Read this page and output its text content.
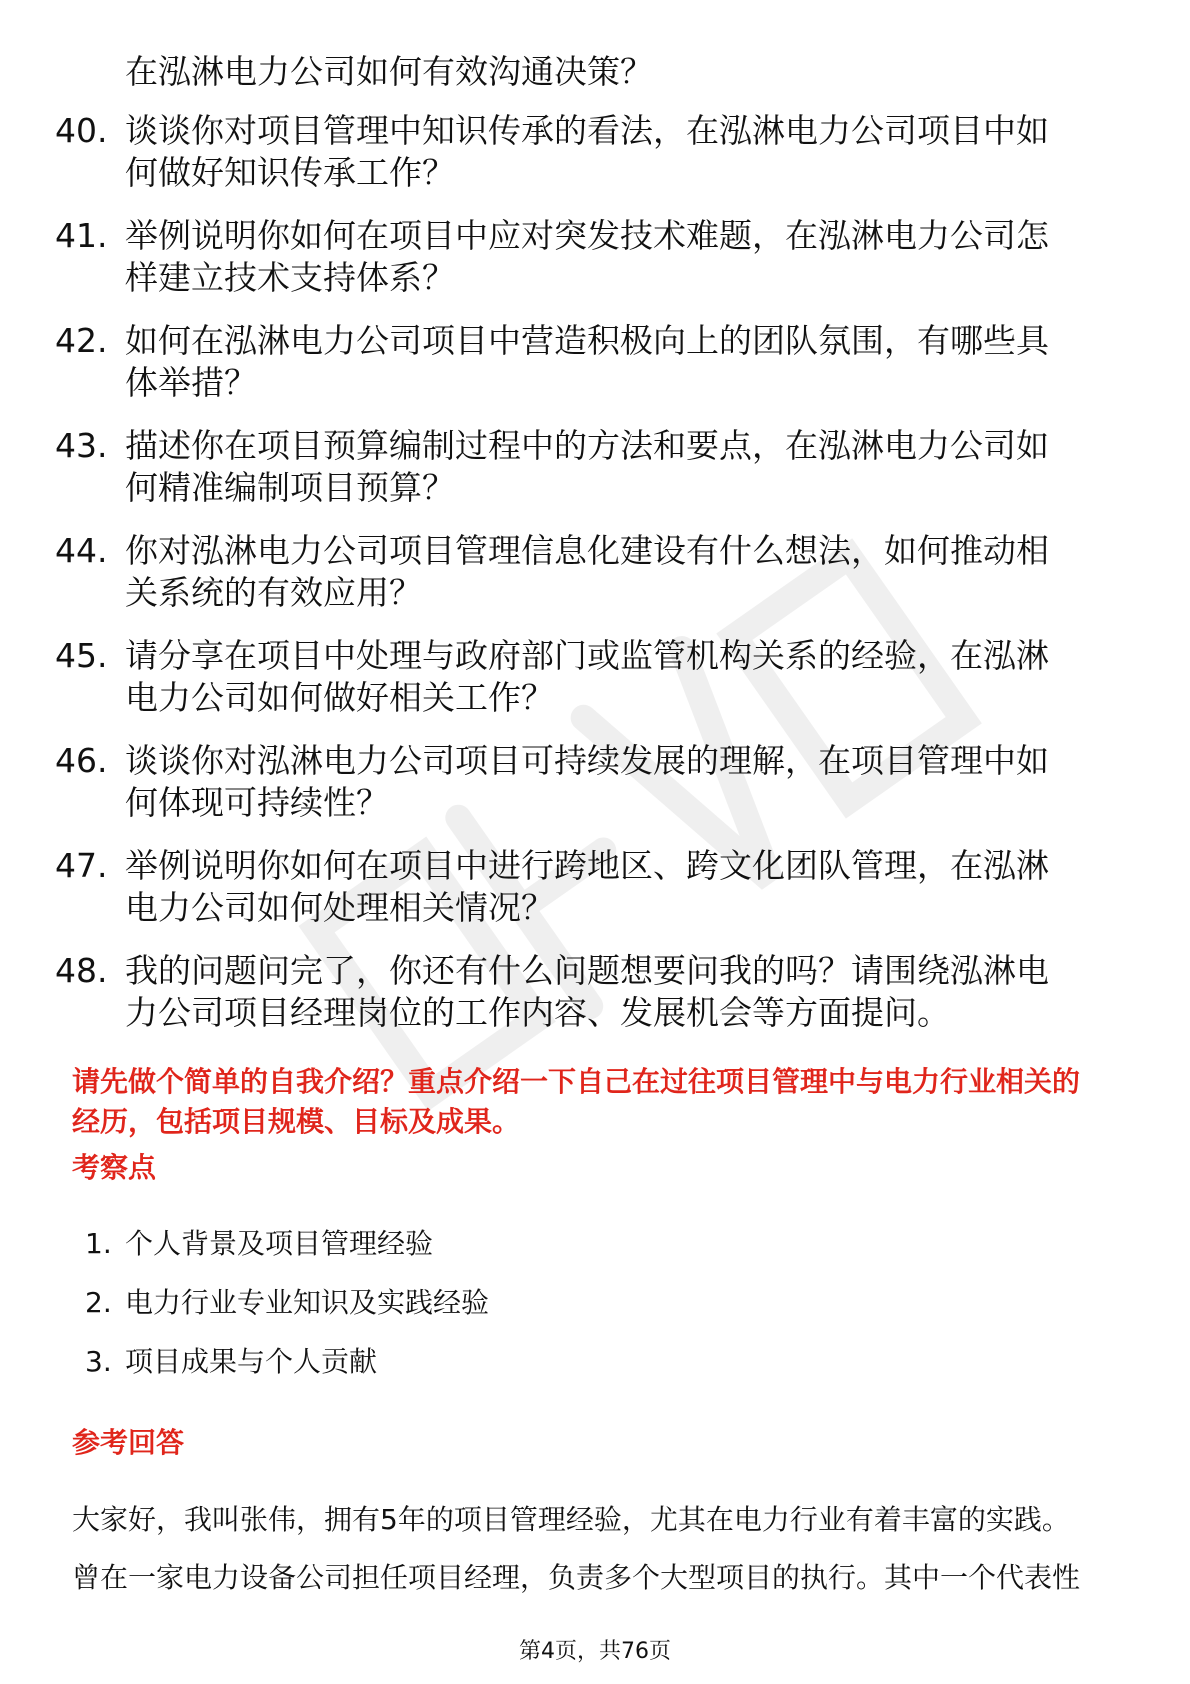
在泓淋电力公司如何有效沟通决策？
40. 谈谈你对项目管理中知识传承的看法，在泓淋电力公司项目中如
何做好知识传承工作？
41. 举例说明你如何在项目中应对突发技术难题，在泓淋电力公司怎
样建立技术支持体系？
42. 如何在泓淋电力公司项目中营造积极向上的团队氛围，有哪些具
体举措？
43. 描述你在项目预算编制过程中的方法和要点，在泓淋电力公司如
何精准编制项目预算？
44. 你对泓淋电力公司项目管理信息化建设有什么想法，如何推动相
关系统的有效应用？
45. 请分享在项目中处理与政府部门或监管机构关系的经验，在泓淋
电力公司如何做好相关工作？
46. 谈谈你对泓淋电力公司项目可持续发展的理解，在项目管理中如
何体现可持续性？
47. 举例说明你如何在项目中进行跨地区、跨文化团队管理，在泓淋
电力公司如何处理相关情况？
48. 我的问题问完了，你还有什么问题想要问我的吗？请围绕泓淋电
力公司项目经理岗位的工作内容、发展机会等方面提问。
请先做个简单的自我介绍？重点介绍一下自己在过往项目管理中与电力行业相关的
经历，包括项目规模、目标及成果。
考察点
1. 个人背景及项目管理经验
2. 电力行业专业知识及实践经验
3. 项目成果与个人贡献
参考回答
大家好，我叫张伟，拥有5年的项目管理经验，尤其在电力行业有着丰富的实践。
曾在一家电力设备公司担任项目经理，负责多个大型项目的执行。其中一个代表性
第4页，共76页
